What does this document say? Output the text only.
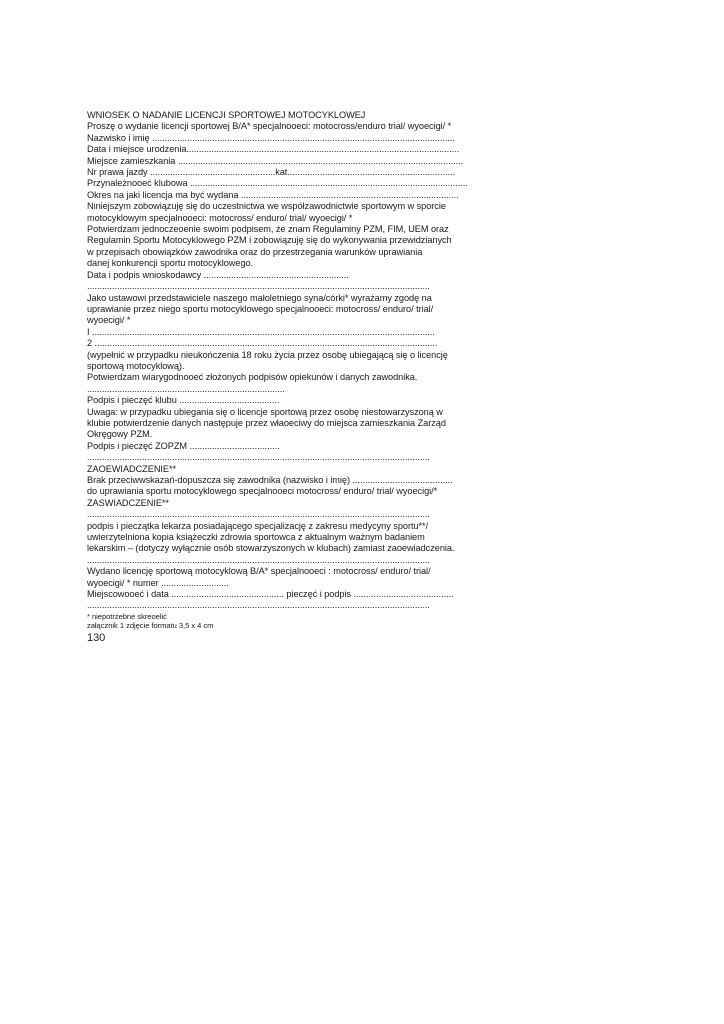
WNIOSEK O NADANIE LICENCJI SPORTOWEJ MOTOCYKLOWEJ
Proszę o wydanie licencji sportowej B/A* specjalnooeci: motocross/enduro trial/ wyoecigi/ *
Nazwisko i imię .........................................................................................................................
Data i miejsce urodzenia.............................................................................................................
Miejsce zamieszkania ..................................................................................................................
Nr prawa jazdy ..................................................kat...................................................................
Przynależnooeć klubowa ...............................................................................................................
Okres na jaki licencja ma być wydana .......................................................................................
Niniejszym zobowiązuję się do uczestnictwa we współzawodnictwie sportowym w sporcie
motocyklowym specjalnooeci: motocross/ enduro/ trial/ wyoecigi/ *
Potwierdzam jednoczeoenie swoim podpisem, że znam Regulaminy PZM, FIM, UEM oraz
Regulamin Sportu Motocyklowego PZM i zobowiązuję się do wykonywania przewidzianych
w przepisach obowiązków zawodnika oraz do przestrzegania warunków uprawiania
danej konkurencji sportu motocyklowego.
Data i podpis wnioskodawcy ..........................................................
.........................................................................................................................................
Jako ustawowi przedstawiciele naszego małoletniego syna/córki* wyrażamy zgodę na
uprawianie przez niego sportu motocyklowego specjalnooeci: motocross/ enduro/ trial/
wyoecigi/ *
I .........................................................................................................................................
2 .........................................................................................................................................
(wypełnić w przypadku nieukończenia 18 roku życia przez osobę ubiegającą się o licencję
sportową motocyklową).
Potwierdzam wiarygodnooeć złożonych podpisów opiekunów i danych zawodnika.
...............................................................................
Podpis i pieczęć klubu ........................................
Uwaga: w przypadku ubiegania się o licencje sportową przez osobę niestowarzyszoną w
klubie potwierdzenie danych następuje przez właoeciwy do miejsca zamieszkania Zarząd
Okręgowy PZM.
Podpis i pieczęć ZOPZM ....................................
.........................................................................................................................................
ZAOEWIADCZENIE**
Brak przeciwwskazań-dopuszcza się zawodnika (nazwisko i imię) ........................................
do uprawiania sportu motocyklowego specjalnooeci motocross/ enduro/ trial/ wyoecigi/*
ZASWIADCZENIE**
.........................................................................................................................................
podpis i pieczątka lekarza posiadającego specjalizację z zakresu medycyny sportu**/
uwierzytelniona kopia książeczki zdrowia sportowca z aktualnym ważnym badaniem
lekarskim – (dotyczy wyłącznie osób stowarzyszonych w klubach) zamiast zaoewiadczenia.
.........................................................................................................................................
Wydano licencję sportową motocyklową B/A* specjalnooeci : motocross/ enduro/ trial/
wyoecigi/ * numer ...........................
Miejscowooeć i data ............................................. pieczęć i podpis ........................................
.........................................................................................................................................
* niepotrzebne skreoelić
załącznik 1 zdjęcie formatu 3,5 x 4 cm
130
